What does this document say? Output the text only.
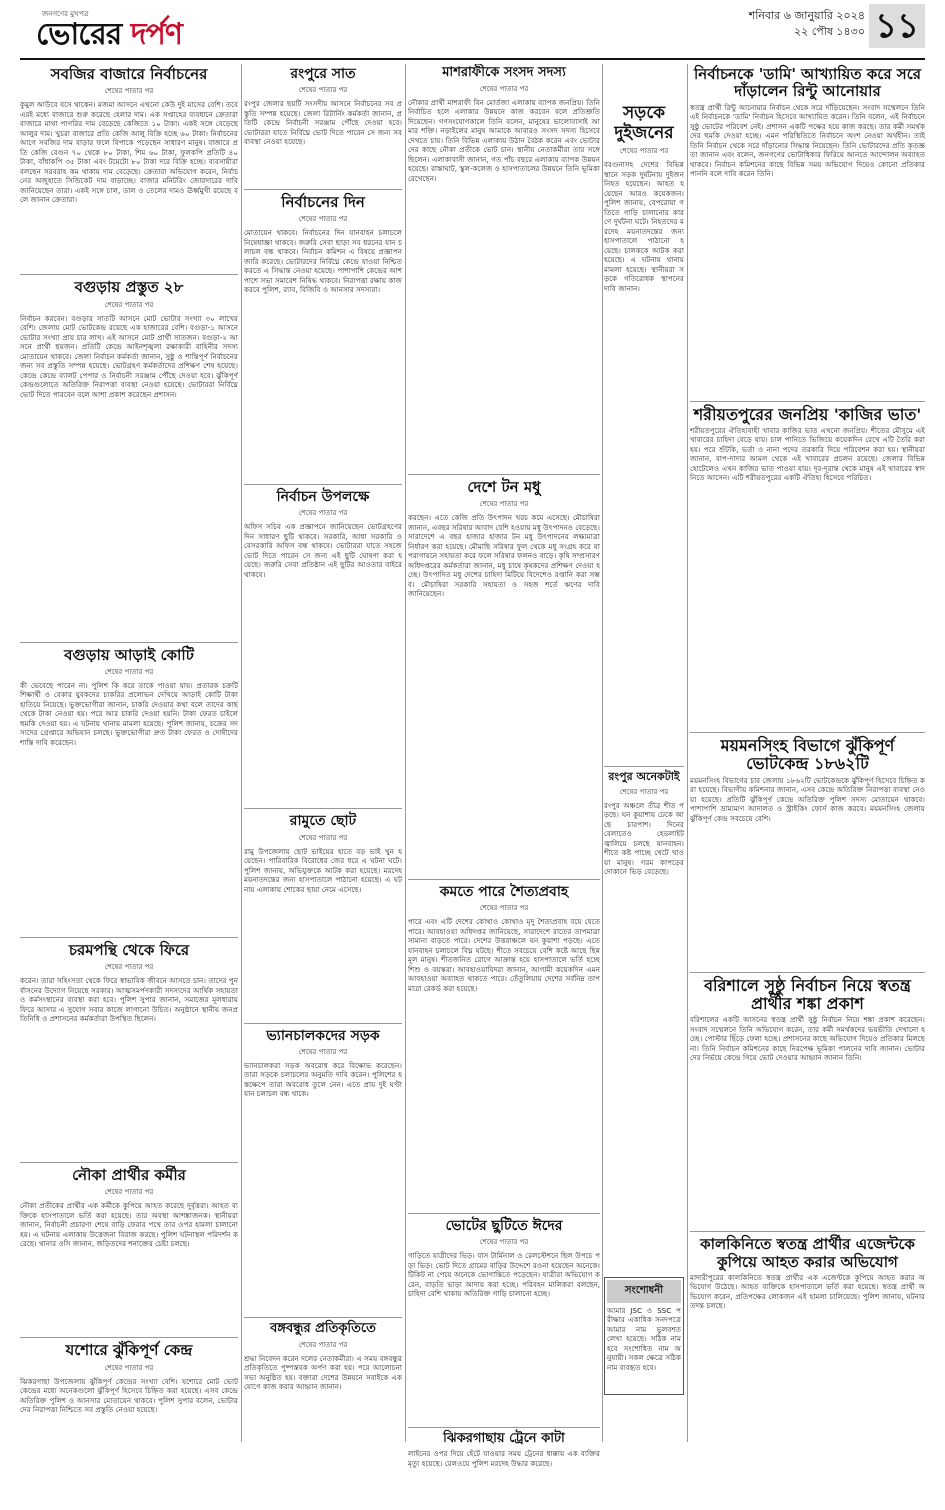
জনগণের মুখপত্র
ভোরের দর্পণ
শনিবার ৬ জানুয়ারি ২০২৪
২২ পৌষ ১৪৩০ ১১
সবজির বাজারে নির্বাচনের
শেষের পাতার পর
কুমুল আউবে বসে থাকেন। মজমা আসনে এখনো কেউ দুই মাসের বেশি। তবে এরই মধ্যে বাজারে শুরু করেছে হেলার দাম। এক সপ্তাহের ব্যবধানে ক্রেতারা বাজারে মাথা পাগরির দাম বেড়েছে কেজিতে ১০ টাকা। একই সঙ্গে বেড়েছে আলুর দাম। খুচরা বাজারে প্রতি কেজি আলু বিক্রি হচ্ছে ৬০ টাকা। নির্বাচনের আগে সবজির দাম বাড়ার ফলে বিপাকে পড়েছেন সাধারণ মানুষ। বাজারে প্রতি কেজি বেগুন ৭০ থেকে ৮০ টাকা, শিম ৬০ টাকা, ফুলকপি প্রতিটি ৪০ টাকা, বাঁধাকপি ৩৫ টাকা এবং টমেটো ৮০ টাকা দরে বিক্রি হচ্ছে। ব্যবসায়ীরা বলছেন সরবরাহ কম থাকায় দাম বেড়েছে। ক্রেতারা অভিযোগ করেন, নির্বাচনের অজুহাতে সিন্ডিকেট দাম বাড়াচ্ছে। বাজার মনিটরিং জোরদারের দাবি জানিয়েছেন তারা। একই সঙ্গে চাল, ডাল ও তেলের দামও ঊর্ধ্বমুখী রয়েছে বলে জানান ক্রেতারা।
বগুড়ায় প্রস্তুত ২৮
শেষের পাতার পর
নির্বাচন করবেন। বগুড়ার সাতটি আসনে মোট ভোটার সংখ্যা ৩০ লাখের বেশি। জেলায় মোট ভোটকেন্দ্র রয়েছে এক হাজারের বেশি। বগুড়া-১ আসনে ভোটার সংখ্যা প্রায় চার লাখ। এই আসনে মোট প্রার্থী সাতজন। বগুড়া-২ আসনে প্রার্থী ছয়জন। প্রতিটি কেন্দ্রে আইনশৃঙ্খলা রক্ষাকারী বাহিনীর সদস্য মোতায়েন থাকবে। জেলা নির্বাচন কর্মকর্তা জানান, সুষ্ঠু ও শান্তিপূর্ণ নির্বাচনের জন্য সব প্রস্তুতি সম্পন্ন হয়েছে। ভোটগ্রহণ কর্মকর্তাদের প্রশিক্ষণ শেষ হয়েছে। কেন্দ্রে কেন্দ্রে ব্যালট পেপার ও নির্বাচনী সরঞ্জাম পৌঁছে দেওয়া হবে। ঝুঁকিপূর্ণ কেন্দ্রগুলোতে অতিরিক্ত নিরাপত্তা ব্যবস্থা নেওয়া হয়েছে। ভোটাররা নির্বিঘ্নে ভোট দিতে পারবেন বলে আশা প্রকাশ করেছেন প্রশাসন।
বগুড়ায় আড়াই কোটি
শেষের পাতার পর
কী ভেবেছে পারেন না। পুলিশ কি করে তাকে পাওয়া যায়। প্রতারক চক্রটি শিক্ষার্থী ও বেকার যুবকদের চাকরির প্রলোভন দেখিয়ে আড়াই কোটি টাকা হাতিয়ে নিয়েছে। ভুক্তভোগীরা জানান, চাকরি দেওয়ার কথা বলে তাদের কাছ থেকে টাকা নেওয়া হয়। পরে আর চাকরি দেওয়া হয়নি। টাকা ফেরত চাইলে হুমকি দেওয়া হয়। এ ঘটনায় থানায় মামলা হয়েছে। পুলিশ জানায়, চক্রের সদস্যদের গ্রেপ্তারে অভিযান চলছে। ভুক্তভোগীরা দ্রুত টাকা ফেরত ও দোষীদের শাস্তি দাবি করেছেন।
চরমপন্থি থেকে ফিরে
শেষের পাতার পর
করেন। তারা সহিংসতা থেকে ফিরে স্বাভাবিক জীবনে আসতে চান। তাদের পুনর্বাসনের উদ্যোগ নিয়েছে সরকার। আত্মসমর্পণকারী সদস্যদের আর্থিক সহায়তা ও কর্মসংস্থানের ব্যবস্থা করা হবে। পুলিশ সুপার জানান, সমাজের মূলধারায় ফিরে আসার এ সুযোগ সবার কাজে লাগানো উচিত। অনুষ্ঠানে স্থানীয় জনপ্রতিনিধি ও প্রশাসনের কর্মকর্তারা উপস্থিত ছিলেন।
নৌকা প্রার্থীর কর্মীর
শেষের পাতার পর
নৌকা প্রতীকের প্রার্থীর এক কর্মীকে কুপিয়ে আহত করেছে দুর্বৃত্তরা। আহত ব্যক্তিকে হাসপাতালে ভর্তি করা হয়েছে। তার অবস্থা আশঙ্কাজনক। স্থানীয়রা জানান, নির্বাচনী প্রচারণা শেষে বাড়ি ফেরার পথে তার ওপর হামলা চালানো হয়। এ ঘটনায় এলাকায় উত্তেজনা বিরাজ করছে। পুলিশ ঘটনাস্থল পরিদর্শন করেছে। থানার ওসি জানান, জড়িতদের শনাক্তের চেষ্টা চলছে।
যশোরে ঝুঁকিপূর্ণ কেন্দ্র
শেষের পাতার পর
ঝিকরগাছা উপজেলায় ঝুঁকিপূর্ণ কেন্দ্রের সংখ্যা বেশি। যশোরে মোট ভোটকেন্দ্রের মধ্যে অনেকগুলো ঝুঁকিপূর্ণ হিসেবে চিহ্নিত করা হয়েছে। এসব কেন্দ্রে অতিরিক্ত পুলিশ ও আনসার মোতায়েন থাকবে। পুলিশ সুপার বলেন, ভোটারদের নিরাপত্তা নিশ্চিতে সব প্রস্তুতি নেওয়া হয়েছে।
রংপুরে সাত
শেষের পাতার পর
রংপুর জেলার ছয়টি সংসদীয় আসনে নির্বাচনের সব প্রস্তুতি সম্পন্ন হয়েছে। জেলা রিটার্নিং কর্মকর্তা জানান, প্রতিটি কেন্দ্রে নির্বাচনী সরঞ্জাম পৌঁছে দেওয়া হবে। ভোটাররা যাতে নির্বিঘ্নে ভোট দিতে পারেন সে জন্য সব ব্যবস্থা নেওয়া হয়েছে।
নির্বাচনের দিন
শেষের পাতার পর
মোতায়েন থাকবে। নির্বাচনের দিন যানবাহন চলাচলে নিষেধাজ্ঞা থাকবে। জরুরি সেবা ছাড়া সব ধরনের যান চলাচল বন্ধ থাকবে। নির্বাচন কমিশন এ বিষয়ে প্রজ্ঞাপন জারি করেছে। ভোটারদের নির্বিঘ্নে কেন্দ্রে যাওয়া নিশ্চিত করতে এ সিদ্ধান্ত নেওয়া হয়েছে। পাশাপাশি কেন্দ্রের আশপাশে সভা সমাবেশ নিষিদ্ধ থাকবে। নিরাপত্তা রক্ষায় কাজ করবে পুলিশ, র‍্যাব, বিজিবি ও আনসার সদস্যরা।
নির্বাচন উপলক্ষে
শেষের পাতার পর
অফিস সচিব এক প্রজ্ঞাপনে জানিয়েছেন ভোটগ্রহণের দিন সাধারণ ছুটি থাকবে। সরকারি, আধা সরকারি ও বেসরকারি অফিস বন্ধ থাকবে। ভোটাররা যাতে সহজে ভোট দিতে পারেন সে জন্য এই ছুটি ঘোষণা করা হয়েছে। জরুরি সেবা প্রতিষ্ঠান এই ছুটির আওতার বাইরে থাকবে।
রামুতে ছোট
শেষের পাতার পর
রামু উপজেলায় ছোট ভাইয়ের হাতে বড় ভাই খুন হয়েছেন। পারিবারিক বিরোধের জের ধরে এ ঘটনা ঘটে। পুলিশ জানায়, অভিযুক্তকে আটক করা হয়েছে। মরদেহ ময়নাতদন্তের জন্য হাসপাতালে পাঠানো হয়েছে। এ ঘটনায় এলাকায় শোকের ছায়া নেমে এসেছে।
ভ্যানচালকদের সড়ক
শেষের পাতার পর
ভ্যানচালকরা সড়ক অবরোধ করে বিক্ষোভ করেছেন। তারা সড়কে চলাচলের অনুমতি দাবি করেন। পুলিশের হস্তক্ষেপে তারা অবরোধ তুলে নেন। এতে প্রায় দুই ঘণ্টা যান চলাচল বন্ধ থাকে।
বঙ্গবন্ধুর প্রতিকৃতিতে
শেষের পাতার পর
শ্রদ্ধা নিবেদন করেন দলের নেতাকর্মীরা। এ সময় বঙ্গবন্ধুর প্রতিকৃতিতে পুষ্পস্তবক অর্পণ করা হয়। পরে আলোচনা সভা অনুষ্ঠিত হয়। বক্তারা দেশের উন্নয়নে সবাইকে একযোগে কাজ করার আহ্বান জানান।
মাশরাফীকে সংসদ সদস্য
শেষের পাতার পর
নৌকার প্রার্থী মাশরাফী বিন মোর্তজা এলাকায় ব্যাপক জনপ্রিয়। তিনি নির্বাচিত হলে এলাকার উন্নয়নে কাজ করবেন বলে প্রতিশ্রুতি দিয়েছেন। গণসংযোগকালে তিনি বলেন, মানুষের ভালোবাসাই আমার শক্তি। নড়াইলের মানুষ আমাকে আবারও সংসদ সদস্য হিসেবে দেখতে চায়। তিনি বিভিন্ন এলাকায় উঠান বৈঠক করেন এবং ভোটারদের কাছে নৌকা প্রতীকে ভোট চান। স্থানীয় নেতাকর্মীরা তার সঙ্গে ছিলেন। এলাকাবাসী জানান, গত পাঁচ বছরে এলাকায় ব্যাপক উন্নয়ন হয়েছে। রাস্তাঘাট, স্কুল-কলেজ ও হাসপাতালের উন্নয়নে তিনি ভূমিকা রেখেছেন।
দেশে টন মধু
শেষের পাতার পর
করছেন। এতে কেজি প্রতি উৎপাদন খরচ কমে এসেছে। মৌচাষিরা জানান, এবছর সরিষার আবাদ বেশি হওয়ায় মধু উৎপাদনও বেড়েছে। সারাদেশে এ বছর হাজার হাজার টন মধু উৎপাদনের লক্ষ্যমাত্রা নির্ধারণ করা হয়েছে। মৌমাছি সরিষার ফুল থেকে মধু সংগ্রহ করে যা পরাগায়নে সহায়তা করে ফলে সরিষার ফলনও বাড়ে। কৃষি সম্প্রসারণ অধিদপ্তরের কর্মকর্তারা জানান, মধু চাষে কৃষকদের প্রশিক্ষণ দেওয়া হচ্ছে। উৎপাদিত মধু দেশের চাহিদা মিটিয়ে বিদেশেও রপ্তানি করা সম্ভব। মৌচাষিরা সরকারি সহায়তা ও সহজ শর্তে ঋণের দাবি জানিয়েছেন।
কমতে পারে শৈত্যপ্রবাহ
শেষের পাতার পর
পারে এবং এটি দেশের কোথাও কোথাও মৃদু শৈত্যপ্রবাহ বয়ে যেতে পারে। আবহাওয়া অধিদপ্তর জানিয়েছে, সারাদেশে রাতের তাপমাত্রা সামান্য বাড়তে পারে। দেশের উত্তরাঞ্চলে ঘন কুয়াশা পড়ছে। এতে যানবাহন চলাচলে বিঘ্ন ঘটছে। শীতে সবচেয়ে বেশি কষ্টে আছে ছিন্নমূল মানুষ। শীতজনিত রোগে আক্রান্ত হয়ে হাসপাতালে ভর্তি হচ্ছে শিশু ও বয়স্করা। আবহাওয়াবিদরা জানান, আগামী কয়েকদিন এমন আবহাওয়া অব্যাহত থাকতে পারে। তেঁতুলিয়ায় দেশের সর্বনিম্ন তাপমাত্রা রেকর্ড করা হয়েছে।
ভোটের ছুটিতে ঈদের
শেষের পাতার পর
গাড়িতে যাত্রীদের ভিড়। বাস টার্মিনাল ও রেলস্টেশনে ছিল উপচে পড়া ভিড়। ভোট দিতে গ্রামের বাড়ির উদ্দেশে রওনা হয়েছেন অনেকে। টিকিট না পেয়ে অনেকে ভোগান্তিতে পড়েছেন। যাত্রীরা অভিযোগ করেন, বাড়তি ভাড়া আদায় করা হচ্ছে। পরিবহন মালিকরা বলছেন, চাহিদা বেশি থাকায় অতিরিক্ত গাড়ি চালানো হচ্ছে।
ঝিকরগাছায় ট্রেনে কাটা
লাইনের ওপর দিয়ে হেঁটে যাওয়ার সময় ট্রেনের ধাক্কায় এক ব্যক্তির মৃত্যু হয়েছে। রেলওয়ে পুলিশ মরদেহ উদ্ধার করেছে।
সড়কে দুইজনের
শেষের পাতার পর
বরগুনাসহ দেশের বিভিন্ন স্থানে সড়ক দুর্ঘটনায় দুইজন নিহত হয়েছেন। আহত হয়েছেন আরও কয়েকজন। পুলিশ জানায়, বেপরোয়া গতিতে গাড়ি চালানোর কারণে দুর্ঘটনা ঘটে। নিহতদের মরদেহ ময়নাতদন্তের জন্য হাসপাতালে পাঠানো হয়েছে। চালককে আটক করা হয়েছে। এ ঘটনায় থানায় মামলা হয়েছে। স্থানীয়রা সড়কে গতিরোধক স্থাপনের দাবি জানান।
রংপুর অনেকটাই
শেষের পাতার পর
রংপুর অঞ্চলে তীব্র শীত পড়ছে। ঘন কুয়াশায় ঢেকে আছে চারপাশ। দিনের বেলাতেও হেডলাইট জ্বালিয়ে চলছে যানবাহন। শীতে কষ্ট পাচ্ছে খেটে খাওয়া মানুষ। গরম কাপড়ের দোকানে ভিড় বেড়েছে।
সংশোধনী
আমার JSC ও SSC পরীক্ষার একাধিক সনদপত্রে আমার নাম ভুলবশত লেখা হয়েছে। সঠিক নাম হবে সংশোধিত নাম অনুযায়ী। সকল ক্ষেত্রে সঠিক নাম ব্যবহৃত হবে।
নির্বাচনকে 'ডামি' আখ্যায়িত করে সরে দাঁড়ালেন রিন্টু আনোয়ার
স্বতন্ত্র প্রার্থী রিন্টু আনোয়ার নির্বাচন থেকে সরে দাঁড়িয়েছেন। সংবাদ সম্মেলনে তিনি এই নির্বাচনকে 'ডামি' নির্বাচন হিসেবে আখ্যায়িত করেন। তিনি বলেন, এই নির্বাচনে সুষ্ঠু ভোটের পরিবেশ নেই। প্রশাসন একটি পক্ষের হয়ে কাজ করছে। তার কর্মী সমর্থকদের হুমকি দেওয়া হচ্ছে। এমন পরিস্থিতিতে নির্বাচনে অংশ নেওয়া অর্থহীন। তাই তিনি নির্বাচন থেকে সরে দাঁড়ানোর সিদ্ধান্ত নিয়েছেন। তিনি ভোটারদের প্রতি কৃতজ্ঞতা জানান এবং বলেন, জনগণের ভোটাধিকার ফিরিয়ে আনতে আন্দোলন অব্যাহত থাকবে। নির্বাচন কমিশনের কাছে বিভিন্ন সময় অভিযোগ দিয়েও কোনো প্রতিকার পাননি বলে দাবি করেন তিনি।
শরীয়তপুরের জনপ্রিয় 'কাজির ভাত'
শরীয়তপুরের ঐতিহ্যবাহী খাবার কাজির ভাত এখনো জনপ্রিয়। শীতের মৌসুমে এই খাবারের চাহিদা বেড়ে যায়। চাল পানিতে ভিজিয়ে কয়েকদিন রেখে এটি তৈরি করা হয়। পরে শুঁটকি, ভর্তা ও নানা পদের তরকারি দিয়ে পরিবেশন করা হয়। স্থানীয়রা জানান, বাপ-দাদার আমল থেকে এই খাবারের প্রচলন রয়েছে। জেলার বিভিন্ন হোটেলেও এখন কাজির ভাত পাওয়া যায়। দূর-দূরান্ত থেকে মানুষ এই খাবারের স্বাদ নিতে আসেন। এটি শরীয়তপুরের একটি ঐতিহ্য হিসেবে পরিচিত।
ময়মনসিংহ বিভাগে ঝুঁকিপূর্ণ ভোটকেন্দ্র ১৮৬২টি
ময়মনসিংহ বিভাগের চার জেলায় ১৮৬২টি ভোটকেন্দ্রকে ঝুঁকিপূর্ণ হিসেবে চিহ্নিত করা হয়েছে। বিভাগীয় কমিশনার জানান, এসব কেন্দ্রে অতিরিক্ত নিরাপত্তা ব্যবস্থা নেওয়া হয়েছে। প্রতিটি ঝুঁকিপূর্ণ কেন্দ্রে অতিরিক্ত পুলিশ সদস্য মোতায়েন থাকবে। পাশাপাশি ভ্রাম্যমাণ আদালত ও স্ট্রাইকিং ফোর্স কাজ করবে। ময়মনসিংহ জেলায় ঝুঁকিপূর্ণ কেন্দ্র সবচেয়ে বেশি।
বরিশালে সুষ্ঠু নির্বাচন নিয়ে স্বতন্ত্র প্রার্থীর শঙ্কা প্রকাশ
বরিশালের একটি আসনের স্বতন্ত্র প্রার্থী সুষ্ঠু নির্বাচন নিয়ে শঙ্কা প্রকাশ করেছেন। সংবাদ সম্মেলনে তিনি অভিযোগ করেন, তার কর্মী সমর্থকদের ভয়ভীতি দেখানো হচ্ছে। পোস্টার ছিঁড়ে ফেলা হচ্ছে। প্রশাসনের কাছে অভিযোগ দিয়েও প্রতিকার মিলছে না। তিনি নির্বাচন কমিশনের কাছে নিরপেক্ষ ভূমিকা পালনের দাবি জানান। ভোটারদের নির্ভয়ে কেন্দ্রে গিয়ে ভোট দেওয়ার আহ্বান জানান তিনি।
কালকিনিতে স্বতন্ত্র প্রার্থীর এজেন্টকে কুপিয়ে আহত করার অভিযোগ
মাদারীপুরের কালকিনিতে স্বতন্ত্র প্রার্থীর এক এজেন্টকে কুপিয়ে আহত করার অভিযোগ উঠেছে। আহত ব্যক্তিকে হাসপাতালে ভর্তি করা হয়েছে। স্বতন্ত্র প্রার্থী অভিযোগ করেন, প্রতিপক্ষের লোকজন এই হামলা চালিয়েছে। পুলিশ জানায়, ঘটনার তদন্ত চলছে।
